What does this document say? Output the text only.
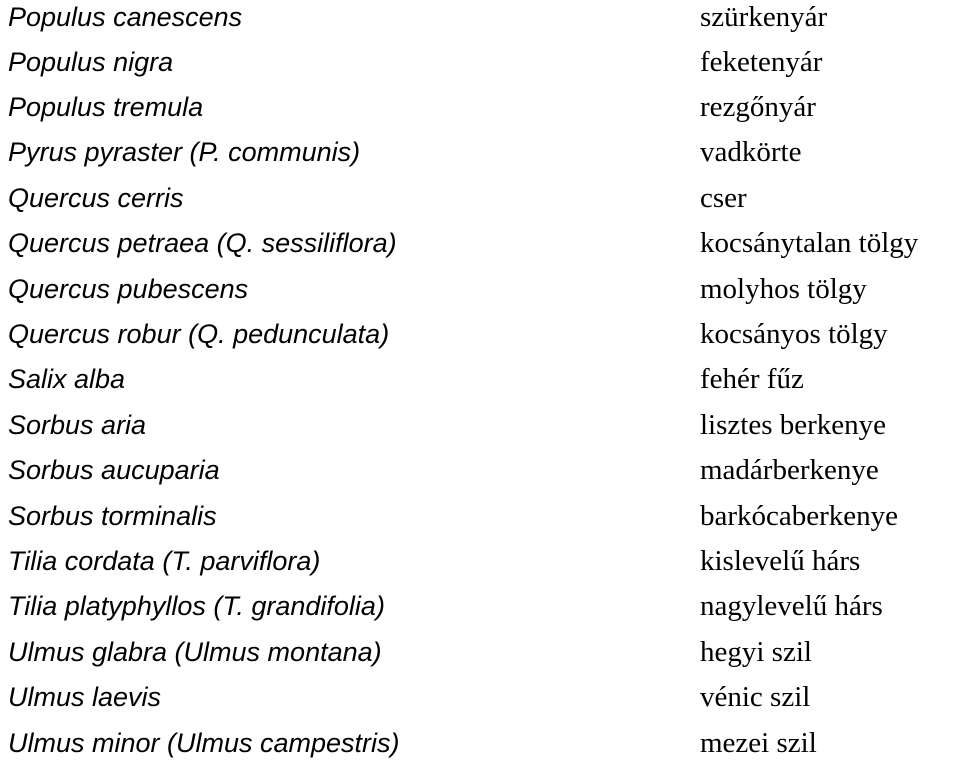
Populus canescens	szürkenyár
Populus nigra	feketenyár
Populus tremula	rezgőnyár
Pyrus pyraster (P. communis)	vadkörte
Quercus cerris	cser
Quercus petraea (Q. sessiliflora)	kocsánytalan tölgy
Quercus pubescens	molyhos tölgy
Quercus robur (Q. pedunculata)	kocsányos tölgy
Salix alba	fehér fűz
Sorbus aria	lisztes berkenye
Sorbus aucuparia	madárberkenye
Sorbus torminalis	barkócaberkenye
Tilia cordata (T. parviflora)	kislevelű hárs
Tilia platyphyllos (T. grandifolia)	nagylevelű hárs
Ulmus glabra (Ulmus montana)	hegyi szil
Ulmus laevis	vénic szil
Ulmus minor (Ulmus campestris)	mezei szil
